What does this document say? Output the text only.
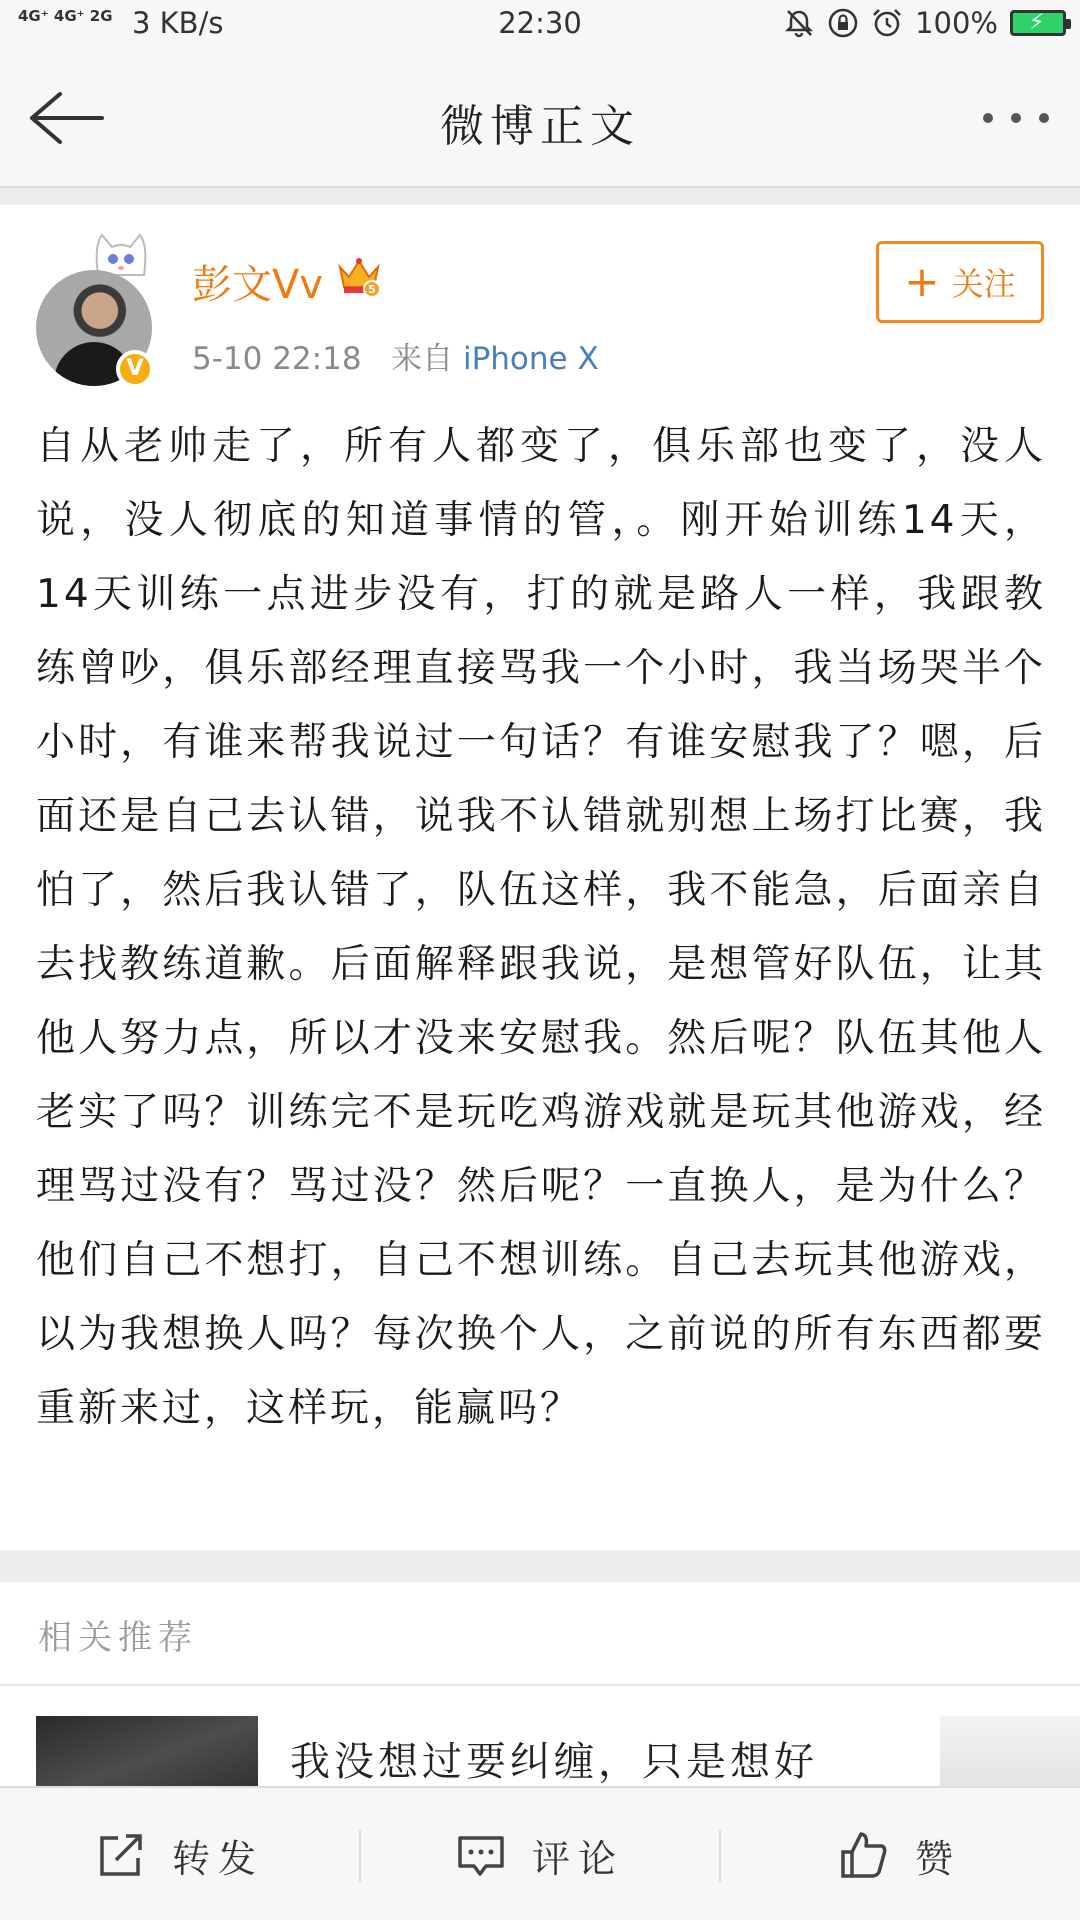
4G⁺ 4G⁺ 2G 3 KB/s	22:30	100% ⚡
微博正文
V
彭文Vv	5
5-10 22:18 来自 iPhone X
+ 关注
自从老帅走了，所有人都变了，俱乐部也变了，没人说，没人彻底的知道事情的管，。刚开始训练14天，14天训练一点进步没有，打的就是路人一样，我跟教练曾吵，俱乐部经理直接骂我一个小时，我当场哭半个小时，有谁来帮我说过一句话？有谁安慰我了？嗯，后面还是自己去认错，说我不认错就别想上场打比赛，我怕了，然后我认错了，队伍这样，我不能急，后面亲自去找教练道歉。后面解释跟我说，是想管好队伍，让其他人努力点，所以才没来安慰我。然后呢？队伍其他人老实了吗？训练完不是玩吃鸡游戏就是玩其他游戏，经理骂过没有？骂过没？然后呢？一直换人，是为什么？他们自己不想打，自己不想训练。自己去玩其他游戏，以为我想换人吗？每次换个人，之前说的所有东西都要重新来过，这样玩，能赢吗？
相关推荐
我没想过要纠缠，只是想好
转发	评论	赞
